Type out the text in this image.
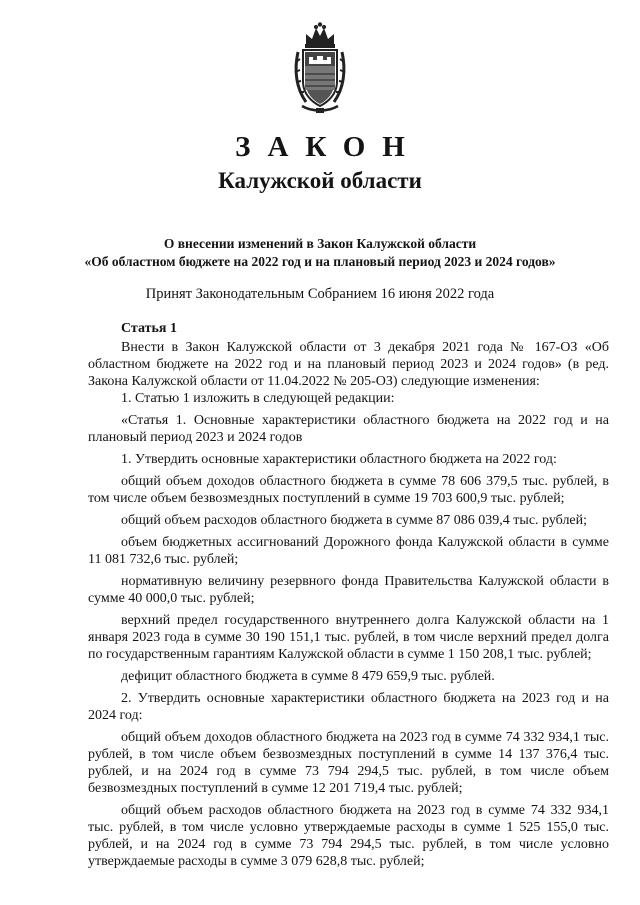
ЗАКОН
Калужской области
О внесении изменений в Закон Калужской области
«Об областном бюджете на 2022 год и на плановый период 2023 и 2024 годов»
Принят Законодательным Собранием 16 июня 2022 года

Статья 1

Внести в Закон Калужской области от 3 декабря 2021 года № 167-ОЗ «Об областном бюджете на 2022 год и на плановый период 2023 и 2024 годов» (в ред. Закона Калужской области от 11.04.2022 № 205-ОЗ) следующие изменения:

1. Статью 1 изложить в следующей редакции:

«Статья 1. Основные характеристики областного бюджета на 2022 год и на плановый период 2023 и 2024 годов

1. Утвердить основные характеристики областного бюджета на 2022 год:

общий объем доходов областного бюджета в сумме 78 606 379,5 тыс. рублей, в том числе объем безвозмездных поступлений в сумме 19 703 600,9 тыс. рублей;

общий объем расходов областного бюджета в сумме 87 086 039,4 тыс. рублей;

объем бюджетных ассигнований Дорожного фонда Калужской области в сумме 11 081 732,6 тыс. рублей;

нормативную величину резервного фонда Правительства Калужской области в сумме 40 000,0 тыс. рублей;

верхний предел государственного внутреннего долга Калужской области на 1 января 2023 года в сумме 30 190 151,1 тыс. рублей, в том числе верхний предел долга по государственным гарантиям Калужской области в сумме 1 150 208,1 тыс. рублей;

дефицит областного бюджета в сумме 8 479 659,9 тыс. рублей.

2. Утвердить основные характеристики областного бюджета на 2023 год и на 2024 год:

общий объем доходов областного бюджета на 2023 год в сумме 74 332 934,1 тыс. рублей, в том числе объем безвозмездных поступлений в сумме 14 137 376,4 тыс. рублей, и на 2024 год в сумме 73 794 294,5 тыс. рублей, в том числе объем безвозмездных поступлений в сумме 12 201 719,4 тыс. рублей;

общий объем расходов областного бюджета на 2023 год в сумме 74 332 934,1 тыс. рублей, в том числе условно утверждаемые расходы в сумме 1 525 155,0 тыс. рублей, и на 2024 год в сумме 73 794 294,5 тыс. рублей, в том числе условно утверждаемые расходы в сумме 3 079 628,8 тыс. рублей;
